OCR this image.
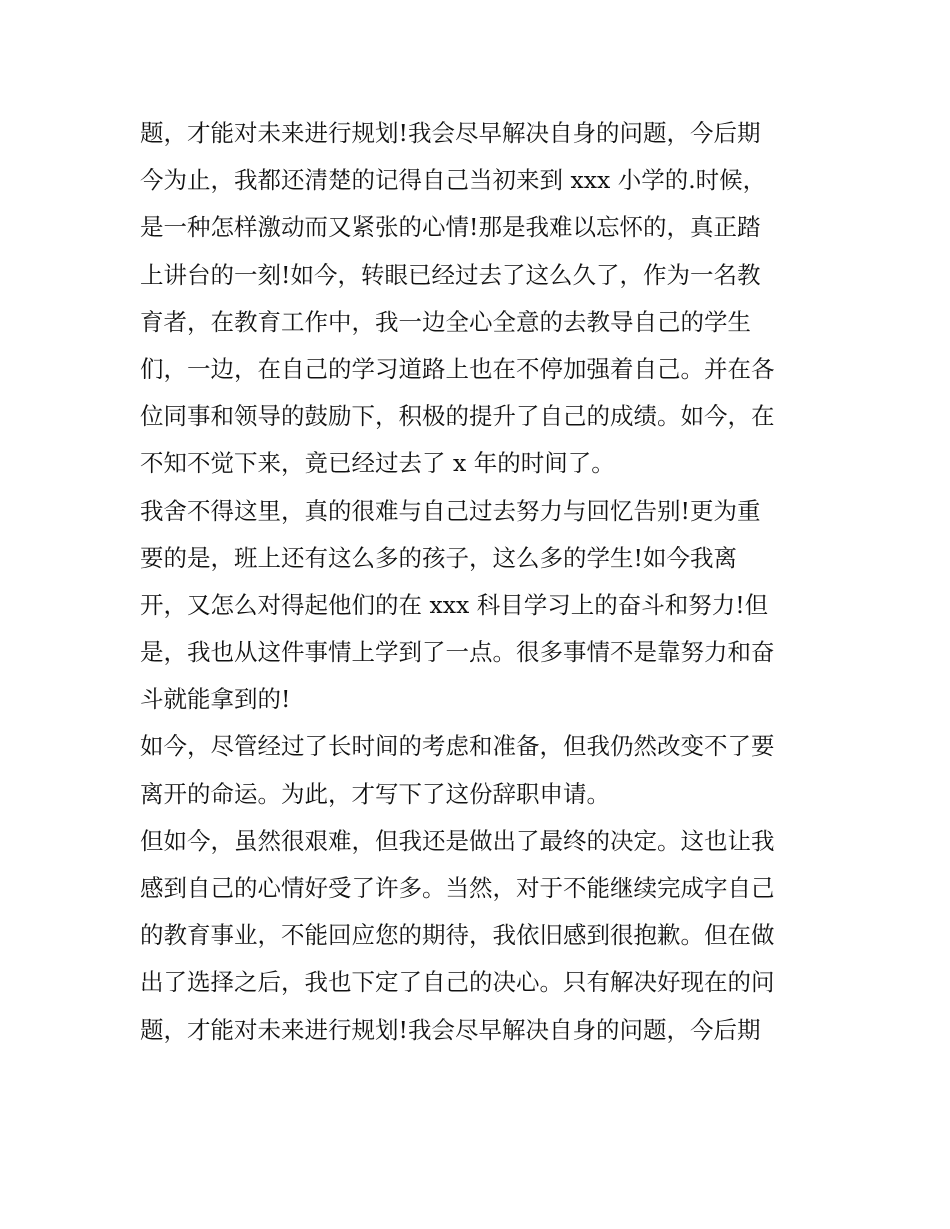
题，才能对未来进行规划!我会尽早解决自身的问题，今后期
今为止，我都还清楚的记得自己当初来到 xxx 小学的.时候，
是一种怎样激动而又紧张的心情!那是我难以忘怀的，真正踏
上讲台的一刻!如今，转眼已经过去了这么久了，作为一名教
育者，在教育工作中，我一边全心全意的去教导自己的学生
们，一边，在自己的学习道路上也在不停加强着自己。并在各
位同事和领导的鼓励下，积极的提升了自己的成绩。如今，在
不知不觉下来，竟已经过去了 x 年的时间了。
我舍不得这里，真的很难与自己过去努力与回忆告别!更为重
要的是，班上还有这么多的孩子，这么多的学生!如今我离
开，又怎么对得起他们的在 xxx 科目学习上的奋斗和努力!但
是，我也从这件事情上学到了一点。很多事情不是靠努力和奋
斗就能拿到的!
如今，尽管经过了长时间的考虑和准备，但我仍然改变不了要
离开的命运。为此，才写下了这份辞职申请。
但如今，虽然很艰难，但我还是做出了最终的决定。这也让我
感到自己的心情好受了许多。当然，对于不能继续完成字自己
的教育事业，不能回应您的期待，我依旧感到很抱歉。但在做
出了选择之后，我也下定了自己的决心。只有解决好现在的问
题，才能对未来进行规划!我会尽早解决自身的问题，今后期
